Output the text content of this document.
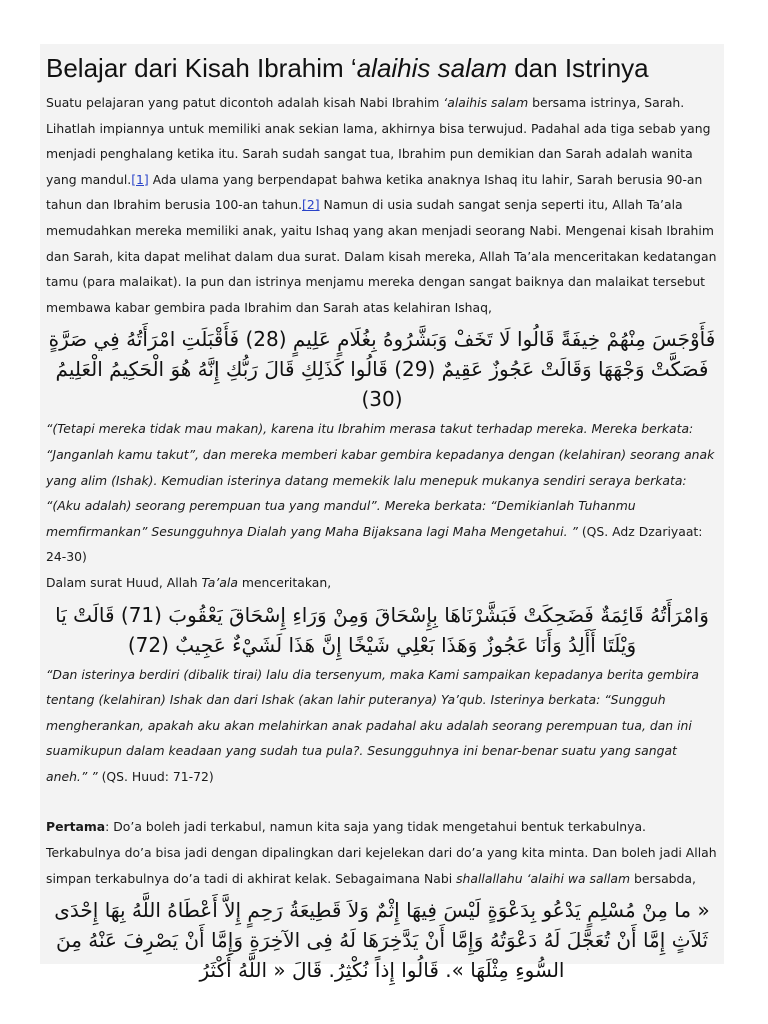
Belajar dari Kisah Ibrahim ‘alaihis salam dan Istrinya

Suatu pelajaran yang patut dicontoh adalah kisah Nabi Ibrahim ‘alaihis salam bersama istrinya, Sarah. Lihatlah impiannya untuk memiliki anak sekian lama, akhirnya bisa terwujud. Padahal ada tiga sebab yang menjadi penghalang ketika itu. Sarah sudah sangat tua, Ibrahim pun demikian dan Sarah adalah wanita yang mandul.[1] Ada ulama yang berpendapat bahwa ketika anaknya Ishaq itu lahir, Sarah berusia 90-an tahun dan Ibrahim berusia 100-an tahun.[2] Namun di usia sudah sangat senja seperti itu, Allah Ta’ala memudahkan mereka memiliki anak, yaitu Ishaq yang akan menjadi seorang Nabi. Mengenai kisah Ibrahim dan Sarah, kita dapat melihat dalam dua surat. Dalam kisah mereka, Allah Ta’ala menceritakan kedatangan tamu (para malaikat). Ia pun dan istrinya menjamu mereka dengan sangat baiknya dan malaikat tersebut membawa kabar gembira pada Ibrahim dan Sarah atas kelahiran Ishaq,

فَأَوْجَسَ مِنْهُمْ خِيفَةً قَالُوا لَا تَخَفْ وَبَشَّرُوهُ بِغُلَامٍ عَلِيمٍ (28) فَأَقْبَلَتِ امْرَأَتُهُ فِي صَرَّةٍ فَصَكَّتْ وَجْهَهَا وَقَالَتْ عَجُوزٌ عَقِيمٌ (29) قَالُوا كَذَلِكِ قَالَ رَبُّكِ إِنَّهُ هُوَ الْحَكِيمُ الْعَلِيمُ (30)

“(Tetapi mereka tidak mau makan), karena itu Ibrahim merasa takut terhadap mereka. Mereka berkata: “Janganlah kamu takut”, dan mereka memberi kabar gembira kepadanya dengan (kelahiran) seorang anak yang alim (Ishak). Kemudian isterinya datang memekik lalu menepuk mukanya sendiri seraya berkata: “(Aku adalah) seorang perempuan tua yang mandul”. Mereka berkata: “Demikianlah Tuhanmu memfirmankan” Sesungguhnya Dialah yang Maha Bijaksana lagi Maha Mengetahui. ” (QS. Adz Dzariyaat: 24-30)

Dalam surat Huud, Allah Ta’ala menceritakan,

وَامْرَأَتُهُ قَائِمَةٌ فَضَحِكَتْ فَبَشَّرْنَاهَا بِإِسْحَاقَ وَمِنْ وَرَاءِ إِسْحَاقَ يَعْقُوبَ (71) قَالَتْ يَا وَيْلَتَا أَأَلِدُ وَأَنَا عَجُوزٌ وَهَذَا بَعْلِي شَيْخًا إِنَّ هَذَا لَشَيْءٌ عَجِيبٌ (72)

“Dan isterinya berdiri (dibalik tirai) lalu dia tersenyum, maka Kami sampaikan kepadanya berita gembira tentang (kelahiran) Ishak dan dari Ishak (akan lahir puteranya) Ya’qub. Isterinya berkata: “Sungguh mengherankan, apakah aku akan melahirkan anak padahal aku adalah seorang perempuan tua, dan ini suamikupun dalam keadaan yang sudah tua pula?. Sesungguhnya ini benar-benar suatu yang sangat aneh.” ” (QS. Huud: 71-72)

Pertama: Do’a boleh jadi terkabul, namun kita saja yang tidak mengetahui bentuk terkabulnya. Terkabulnya do’a bisa jadi dengan dipalingkan dari kejelekan dari do’a yang kita minta. Dan boleh jadi Allah simpan terkabulnya do’a tadi di akhirat kelak. Sebagaimana Nabi shallallahu ‘alaihi wa sallam bersabda,

« ما مِنْ مُسْلِمٍ يَدْعُو بِدَعْوَةٍ لَيْسَ فِيهَا إِثْمٌ وَلاَ قَطِيعَةُ رَحِمٍ إِلاَّ أَعْطَاهُ اللَّهُ بِهَا إِحْدَى ثَلاَثٍ إِمَّا أَنْ تُعَجَّلَ لَهُ دَعْوَتُهُ وَإِمَّا أَنْ يَدَّخِرَهَا لَهُ فِى الآخِرَةِ وَإِمَّا أَنْ يَصْرِفَ عَنْهُ مِنَ السُّوءِ مِثْلَهَا ». قَالُوا إِذاً نُكْثِرُ. قَالَ « اللَّهُ أَكْثَرُ
